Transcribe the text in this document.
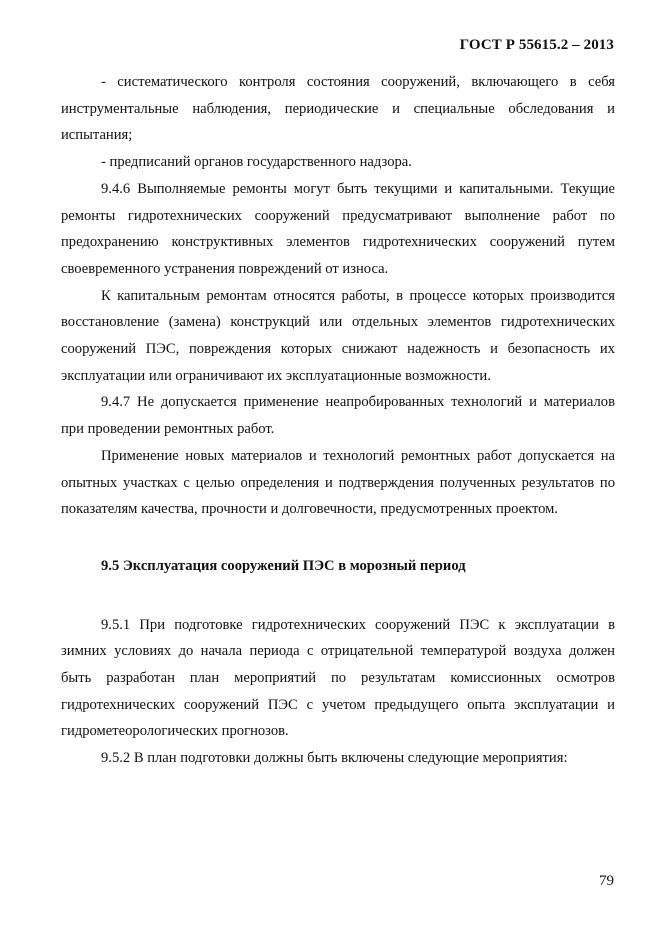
ГОСТ Р 55615.2 – 2013

- систематического контроля состояния сооружений, включающего в себя инструментальные наблюдения, периодические и специальные обследования и испытания;

- предписаний органов государственного надзора.

9.4.6 Выполняемые ремонты могут быть текущими и капитальными. Текущие ремонты гидротехнических сооружений предусматривают выполнение работ по предохранению конструктивных элементов гидротехнических сооружений путем своевременного устранения повреждений от износа.

К капитальным ремонтам относятся работы, в процессе которых производится восстановление (замена) конструкций или отдельных элементов гидротехнических сооружений ПЭС, повреждения которых снижают надежность и безопасность их эксплуатации или ограничивают их эксплуатационные возможности.

9.4.7 Не допускается применение неапробированных технологий и материалов при проведении ремонтных работ.

Применение новых материалов и технологий ремонтных работ допускается на опытных участках с целью определения и подтверждения полученных результатов по показателям качества, прочности и долговечности, предусмотренных проектом.

9.5 Эксплуатация сооружений ПЭС в морозный период

9.5.1 При подготовке гидротехнических сооружений ПЭС к эксплуатации в зимних условиях до начала периода с отрицательной температурой воздуха должен быть разработан план мероприятий по результатам комиссионных осмотров гидротехнических сооружений ПЭС с учетом предыдущего опыта эксплуатации и гидрометеорологических прогнозов.

9.5.2 В план подготовки должны быть включены следующие мероприятия:

79
